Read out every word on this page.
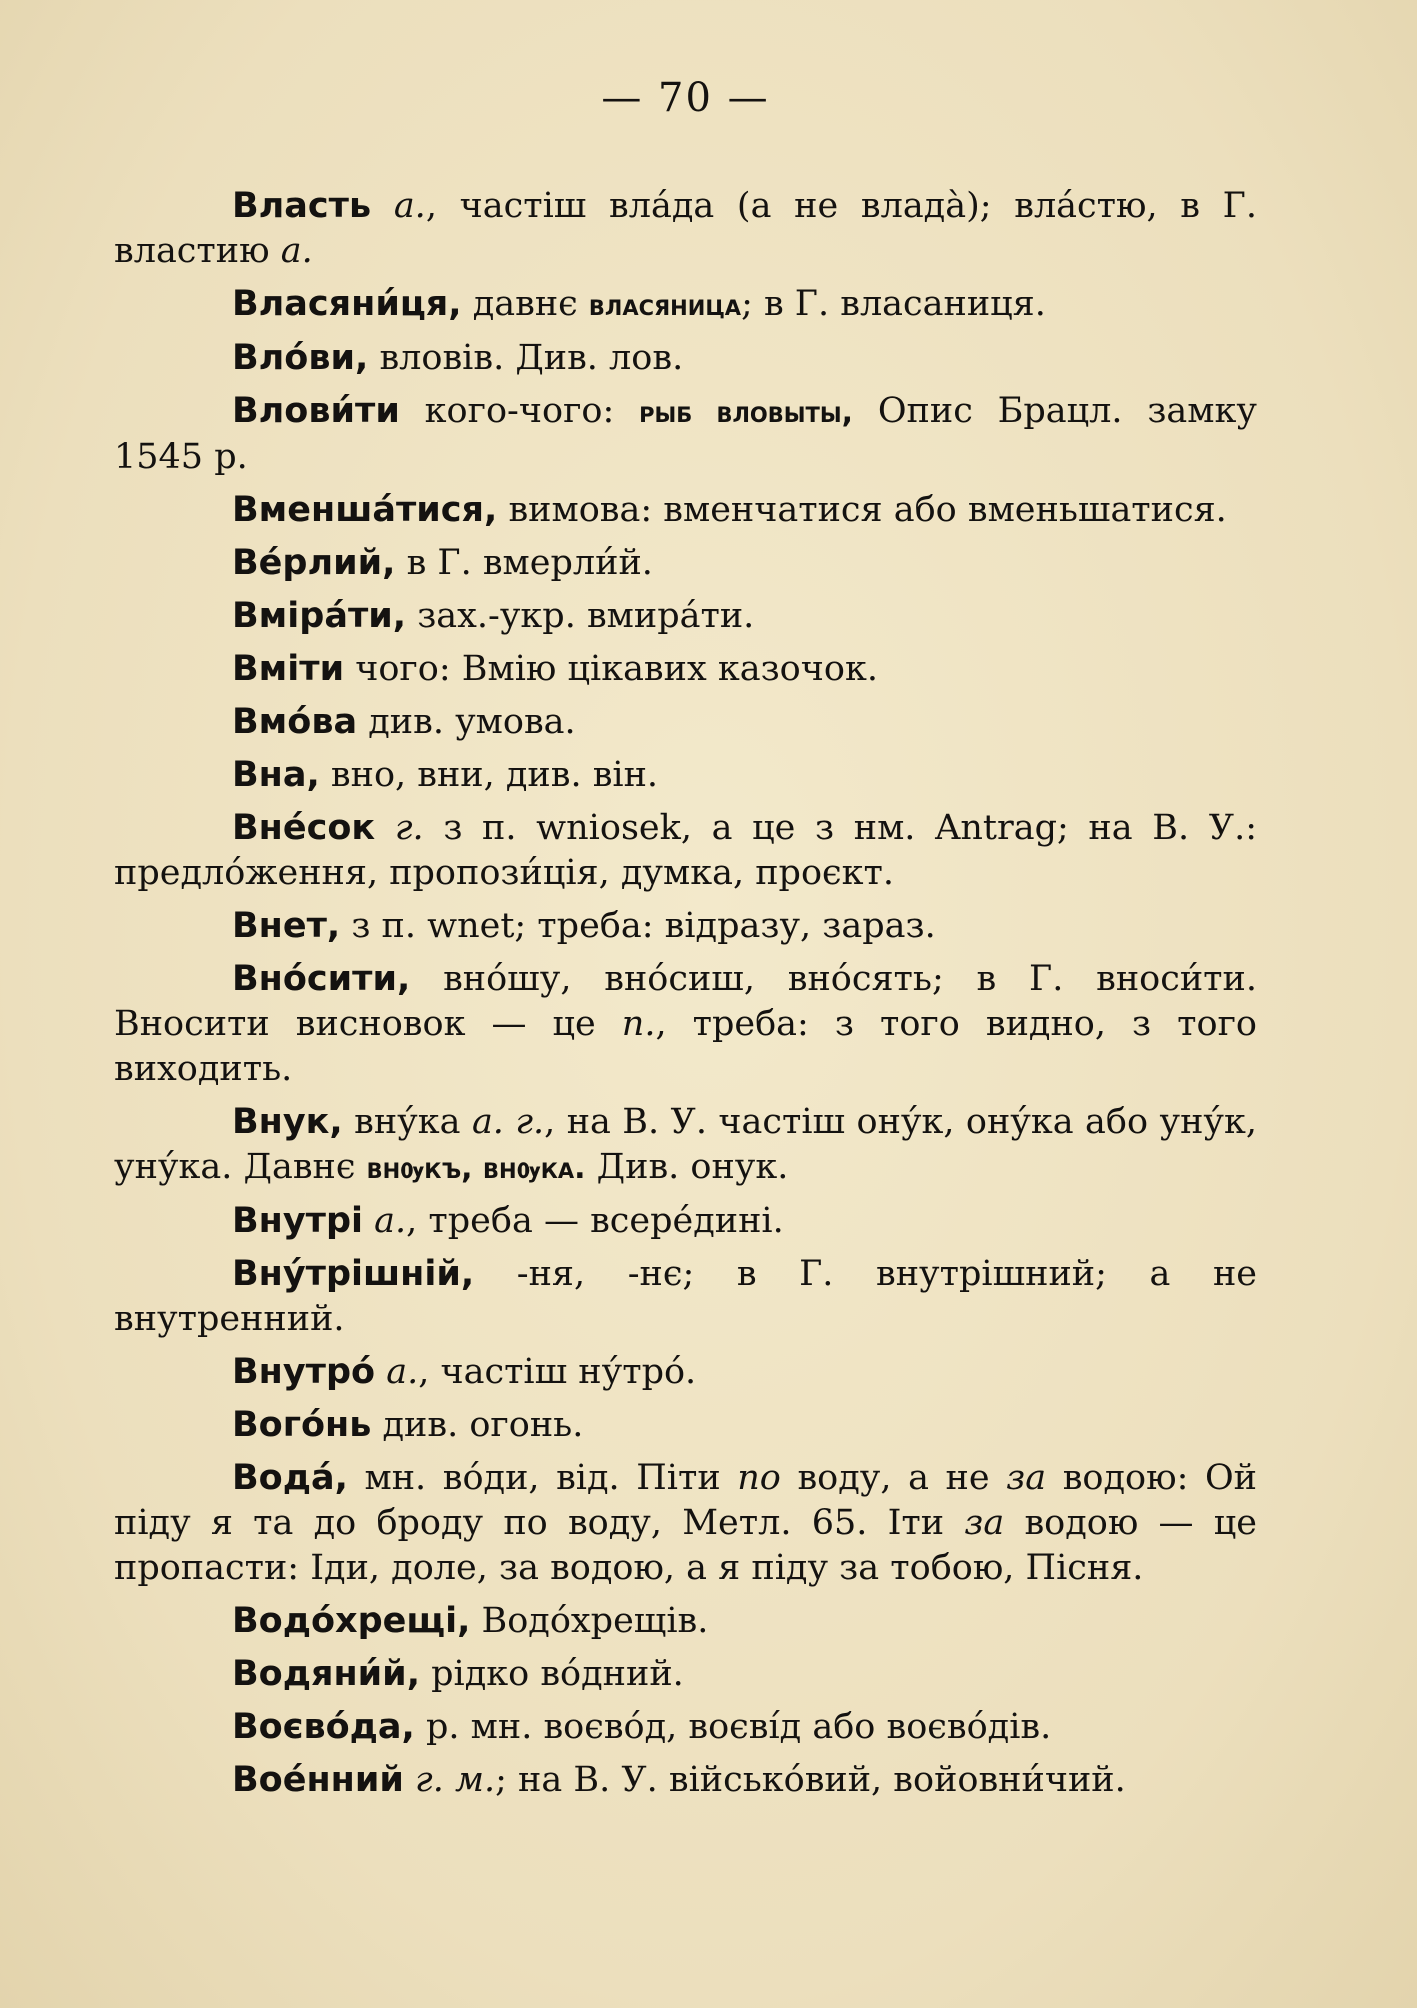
— 70 —

Власть а., частіш вла́да (а не влада̀); вла́стю, в Г. властию а.

Власяни́ця, давнє власяница; в Г. власаниця.

Вло́ви, вловів. Див. лов.

Влови́ти кого-чого: рыб вловыты, Опис Брацл. замку 1545 р.

Вменша́тися, вимова: вменчатися або вменьшатися.

Ве́рлий, в Г. вмерли́й.

Вміра́ти, зах.-укр. вмира́ти.

Вміти чого: Вмію цікавих казочок.

Вмо́ва див. умова.

Вна, вно, вни, див. він.

Вне́сок г. з п. wniosek, а це з нм. Antrag; на В. У.: предло́ження, пропози́ція, думка, проєкт.

Внет, з п. wnet; треба: відразу, зараз.

Вно́сити, вно́шу, вно́сиш, вно́сять; в Г. вноси́ти. Вносити висновок — це п., треба: з того видно, з того виходить.

Внук, вну́ка а. г., на В. У. частіш ону́к, ону́ка або уну́к, уну́ка. Давнє внѹкъ, внѹка. Див. онук.

Внутрі а., треба — всере́дині.

Вну́трішній, -ня, -нє; в Г. внутрішний; а не внутренний.

Внутро́ а., частіш ну́тро́.

Вого́нь див. огонь.

Вода́, мн. во́ди, від. Піти по воду, а не за водою: Ой піду я та до броду по воду, Метл. 65. Іти за водою — це пропасти: Іди, доле, за водою, а я піду за тобою, Пісня.

Водо́хрещі, Водо́хрещів.

Водяни́й, рідко во́дний.

Воєво́да, р. мн. воєво́д, воєві́д або воєво́дів.

Вое́нний г. м.; на В. У. військо́вий, войовни́чий.
